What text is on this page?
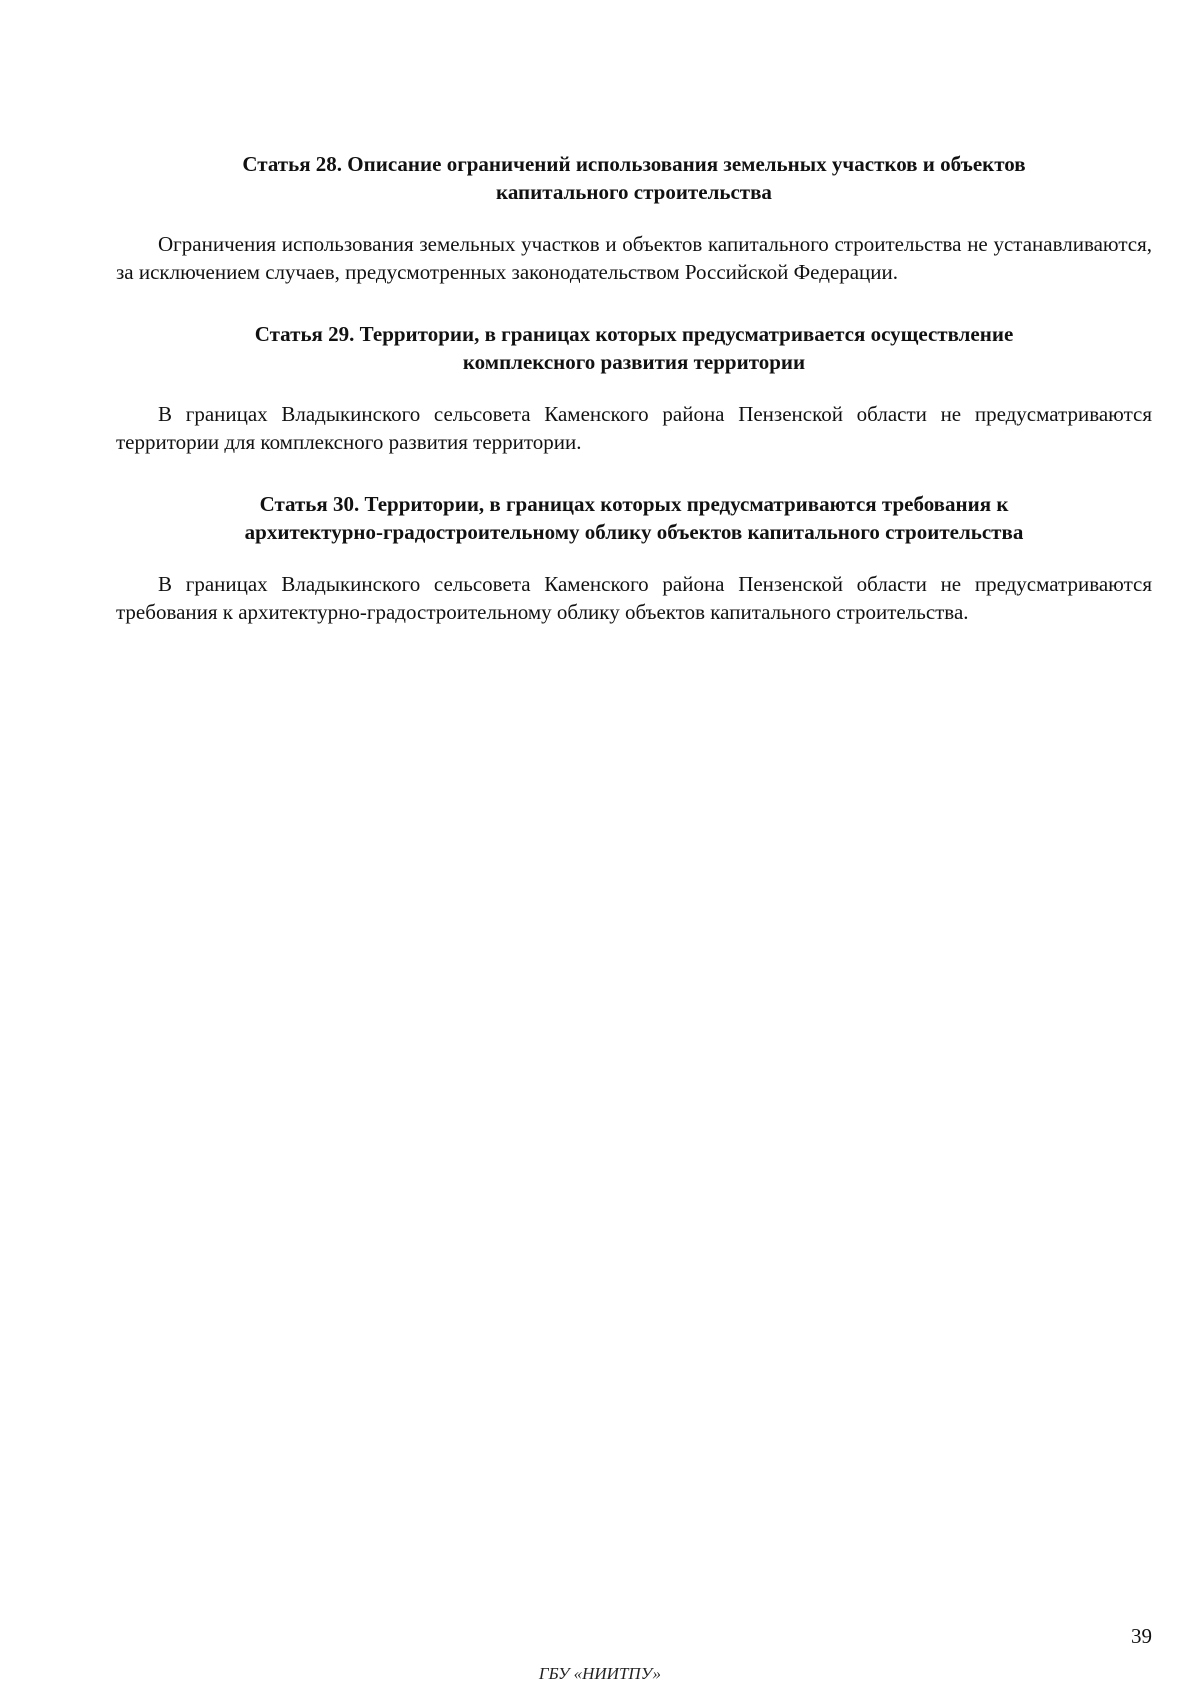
Статья 28. Описание ограничений использования земельных участков и объектов
капитального строительства

Ограничения использования земельных участков и объектов капитального строительства не устанавливаются, за исключением случаев, предусмотренных законодательством Российской Федерации.

Статья 29. Территории, в границах которых предусматривается осуществление
комплексного развития территории

В границах Владыкинского сельсовета Каменского района Пензенской области не предусматриваются территории для комплексного развития территории.

Статья 30. Территории, в границах которых предусматриваются требования к
архитектурно-градостроительному облику объектов капитального строительства

В границах Владыкинского сельсовета Каменского района Пензенской области не предусматриваются требования к архитектурно-градостроительному облику объектов капитального строительства.

39
ГБУ «НИИТПУ»
